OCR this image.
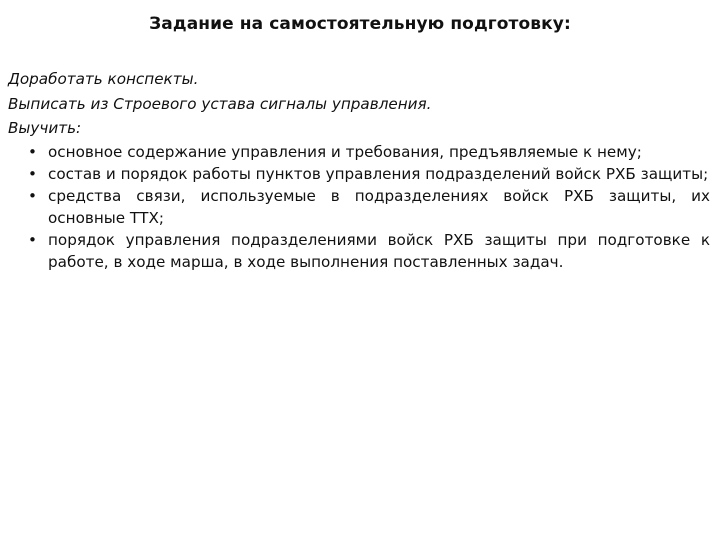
Задание на самостоятельную подготовку:
Доработать конспекты.
Выписать из Строевого устава сигналы управления.
Выучить:
• основное содержание управления и требования, предъявляемые к нему;
• состав и порядок работы пунктов управления подразделений войск РХБ защиты;
• средства связи, используемые в подразделениях войск РХБ защиты, их основные ТТХ;
• порядок управления подразделениями войск РХБ защиты при подготовке к работе, в ходе марша, в ходе выполнения поставленных задач.
